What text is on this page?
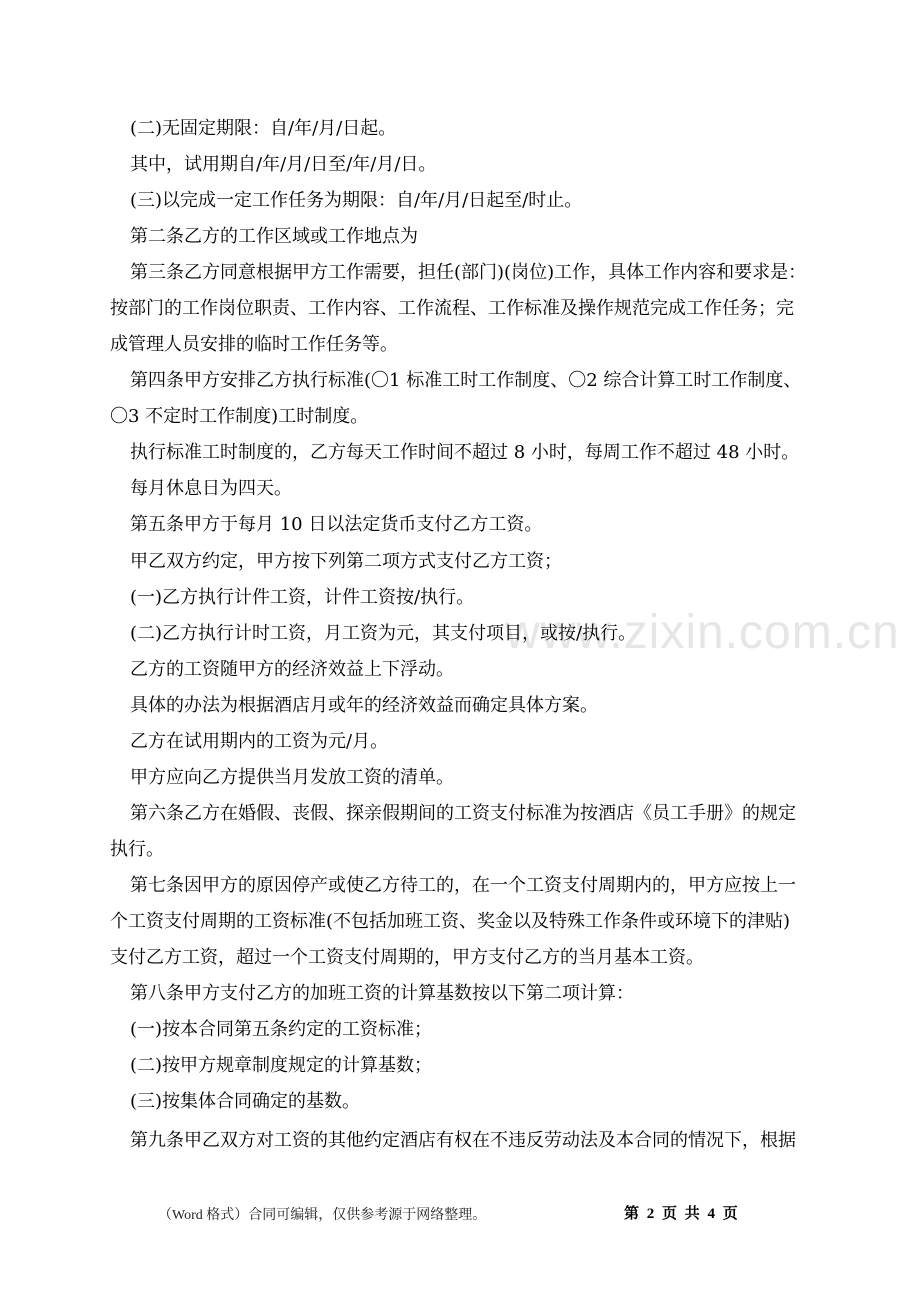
www.zixin.com.cn
(二)无固定期限：自/年/月/日起。
其中，试用期自/年/月/日至/年/月/日。
(三)以完成一定工作任务为期限：自/年/月/日起至/时止。
第二条乙方的工作区域或工作地点为
第三条乙方同意根据甲方工作需要，担任(部门)(岗位)工作，具体工作内容和要求是：
按部门的工作岗位职责、工作内容、工作流程、工作标准及操作规范完成工作任务；完
成管理人员安排的临时工作任务等。
第四条甲方安排乙方执行标准(〇1 标准工时工作制度、〇2 综合计算工时工作制度、
〇3 不定时工作制度)工时制度。
执行标准工时制度的，乙方每天工作时间不超过 8 小时，每周工作不超过 48 小时。
每月休息日为四天。
第五条甲方于每月 10 日以法定货币支付乙方工资。
甲乙双方约定，甲方按下列第二项方式支付乙方工资；
(一)乙方执行计件工资，计件工资按/执行。
(二)乙方执行计时工资，月工资为元，其支付项目，或按/执行。
乙方的工资随甲方的经济效益上下浮动。
具体的办法为根据酒店月或年的经济效益而确定具体方案。
乙方在试用期内的工资为元/月。
甲方应向乙方提供当月发放工资的清单。
第六条乙方在婚假、丧假、探亲假期间的工资支付标准为按酒店《员工手册》的规定
执行。
第七条因甲方的原因停产或使乙方待工的，在一个工资支付周期内的，甲方应按上一
个工资支付周期的工资标准(不包括加班工资、奖金以及特殊工作条件或环境下的津贴)
支付乙方工资，超过一个工资支付周期的，甲方支付乙方的当月基本工资。
第八条甲方支付乙方的加班工资的计算基数按以下第二项计算：
(一)按本合同第五条约定的工资标准；
(二)按甲方规章制度规定的计算基数；
(三)按集体合同确定的基数。
第九条甲乙双方对工资的其他约定酒店有权在不违反劳动法及本合同的情况下，根据
（Word 格式）合同可编辑，仅供参考源于网络整理。	第 2 页 共 4 页
